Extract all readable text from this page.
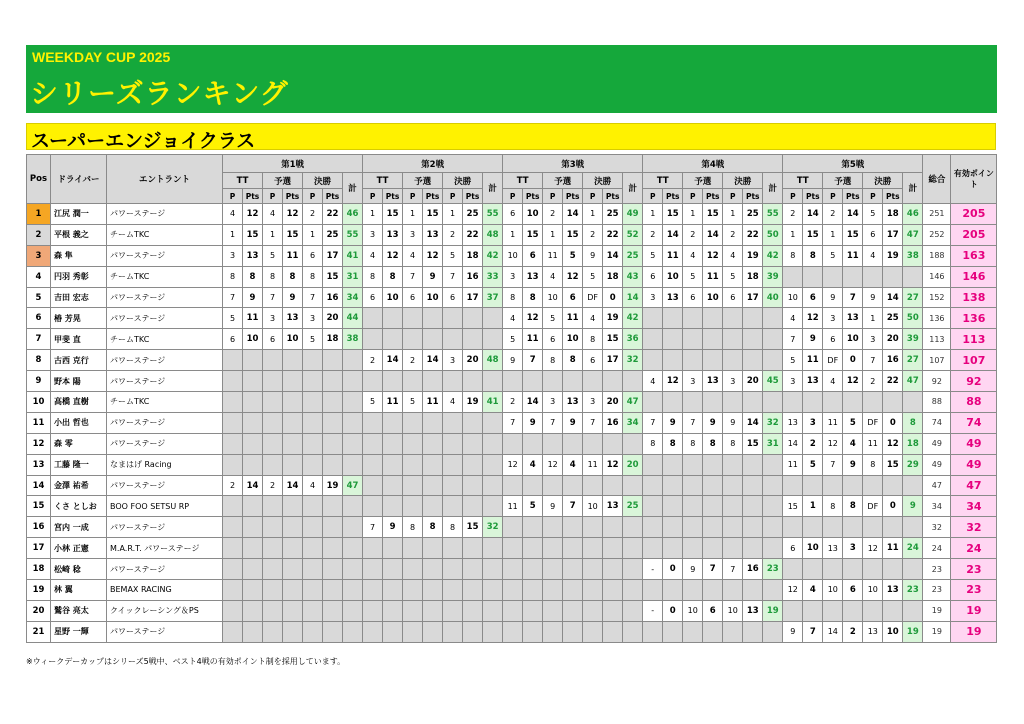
WEEKDAY CUP 2025
シリーズランキング
スーパーエンジョイクラス
Pos	ドライバー	エントラント	第1戦							第2戦							第3戦							第4戦							第5戦							総合	有効ポイント
			TT		予選		決勝		計	TT		予選		決勝		計	TT		予選		決勝		計	TT		予選		決勝		計	TT		予選		決勝		計		
			P	Pts	P	Pts	P	Pts		P	Pts	P	Pts	P	Pts		P	Pts	P	Pts	P	Pts		P	Pts	P	Pts	P	Pts		P	Pts	P	Pts	P	Pts			
1	江尻 潤一	パワーステージ	4	12	4	12	2	22	46	1	15	1	15	1	25	55	6	10	2	14	1	25	49	1	15	1	15	1	25	55	2	14	2	14	5	18	46	251	205
2	平根 義之	チームTKC	1	15	1	15	1	25	55	3	13	3	13	2	22	48	1	15	1	15	2	22	52	2	14	2	14	2	22	50	1	15	1	15	6	17	47	252	205
3	森 隼	パワーステージ	3	13	5	11	6	17	41	4	12	4	12	5	18	42	10	6	11	5	9	14	25	5	11	4	12	4	19	42	8	8	5	11	4	19	38	188	163
4	円羽 秀彰	チームTKC	8	8	8	8	8	15	31	8	8	7	9	7	16	33	3	13	4	12	5	18	43	6	10	5	11	5	18	39								146	146
5	吉田 宏志	パワーステージ	7	9	7	9	7	16	34	6	10	6	10	6	17	37	8	8	10	6	DF	0	14	3	13	6	10	6	17	40	10	6	9	7	9	14	27	152	138
6	椿 芳晃	パワーステージ	5	11	3	13	3	20	44								4	12	5	11	4	19	42								4	12	3	13	1	25	50	136	136
7	甲斐 直	チームTKC	6	10	6	10	5	18	38								5	11	6	10	8	15	36								7	9	6	10	3	20	39	113	113
8	古西 克行	パワーステージ								2	14	2	14	3	20	48	9	7	8	8	6	17	32								5	11	DF	0	7	16	27	107	107
9	野本 陽	パワーステージ																						4	12	3	13	3	20	45	3	13	4	12	2	22	47	92	92
10	高橋 直樹	チームTKC								5	11	5	11	4	19	41	2	14	3	13	3	20	47															88	88
11	小出 哲也	パワーステージ															7	9	7	9	7	16	34	7	9	7	9	9	14	32	13	3	11	5	DF	0	8	74	74
12	森 零	パワーステージ																						8	8	8	8	8	15	31	14	2	12	4	11	12	18	49	49
13	工藤 隆一	なまはげ Racing															12	4	12	4	11	12	20								11	5	7	9	8	15	29	49	49
14	金澤 祐希	パワーステージ	2	14	2	14	4	19	47																													47	47
15	くさ としお	BOO FOO SETSU RP															11	5	9	7	10	13	25								15	1	8	8	DF	0	9	34	34
16	宮内 一成	パワーステージ								7	9	8	8	8	15	32																						32	32
17	小林 正憲	M.A.R.T. パワーステージ																													6	10	13	3	12	11	24	24	24
18	松崎 稔	パワーステージ																						-	0	9	7	7	16	23								23	23
19	林 翼	BEMAX RACING																													12	4	10	6	10	13	23	23	23
20	鷲谷 亮太	クイックレーシング＆PS																						-	0	10	6	10	13	19								19	19
21	星野 一輝	パワーステージ																													9	7	14	2	13	10	19	19	19
※ウィークデーカップはシリーズ5戦中、ベスト4戦の有効ポイント制を採用しています。
